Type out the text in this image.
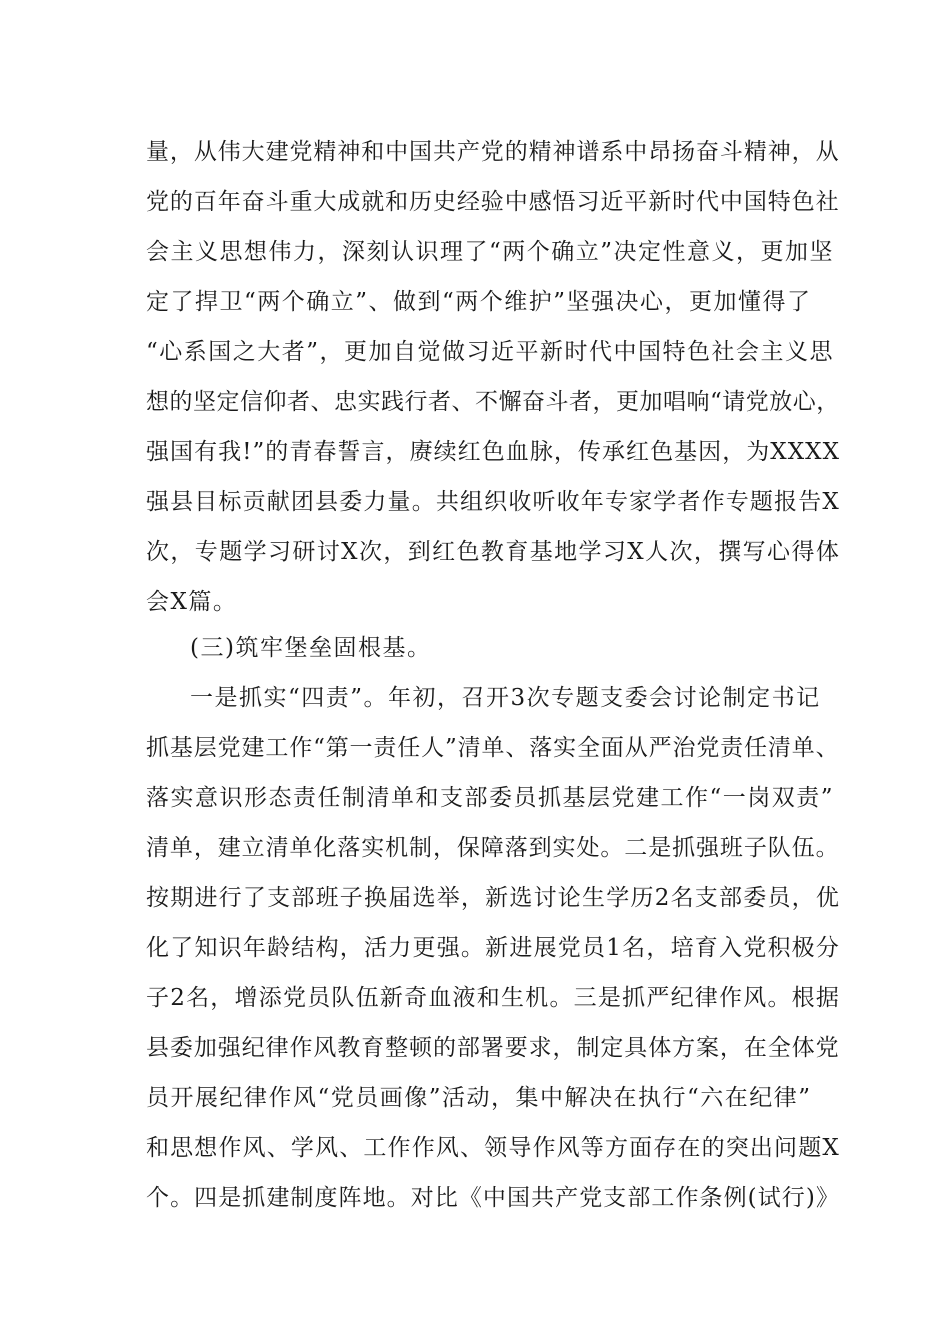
量，从伟大建党精神和中国共产党的精神谱系中昂扬奋斗精神，从
党的百年奋斗重大成就和历史经验中感悟习近平新时代中国特色社
会主义思想伟力，深刻认识理了“两个确立”决定性意义，更加坚
定了捍卫“两个确立”、做到“两个维护”坚强决心，更加懂得了
“心系国之大者”，更加自觉做习近平新时代中国特色社会主义思
想的坚定信仰者、忠实践行者、不懈奋斗者，更加唱响“请党放心，
强国有我!”的青春誓言，赓续红色血脉，传承红色基因，为XXXX
强县目标贡献团县委力量。共组织收听收年专家学者作专题报告X
次，专题学习研讨X次，到红色教育基地学习X人次，撰写心得体
会X篇。
(三)筑牢堡垒固根基。
一是抓实“四责”。年初，召开3次专题支委会讨论制定书记
抓基层党建工作“第一责任人”清单、落实全面从严治党责任清单、
落实意识形态责任制清单和支部委员抓基层党建工作“一岗双责”
清单，建立清单化落实机制，保障落到实处。二是抓强班子队伍。
按期进行了支部班子换届选举，新选讨论生学历2名支部委员，优
化了知识年龄结构，活力更强。新进展党员1名，培育入党积极分
子2名，增添党员队伍新奇血液和生机。三是抓严纪律作风。根据
县委加强纪律作风教育整顿的部署要求，制定具体方案，在全体党
员开展纪律作风“党员画像”活动，集中解决在执行“六在纪律”
和思想作风、学风、工作作风、领导作风等方面存在的突出问题X
个。四是抓建制度阵地。对比《中国共产党支部工作条例(试行)》
